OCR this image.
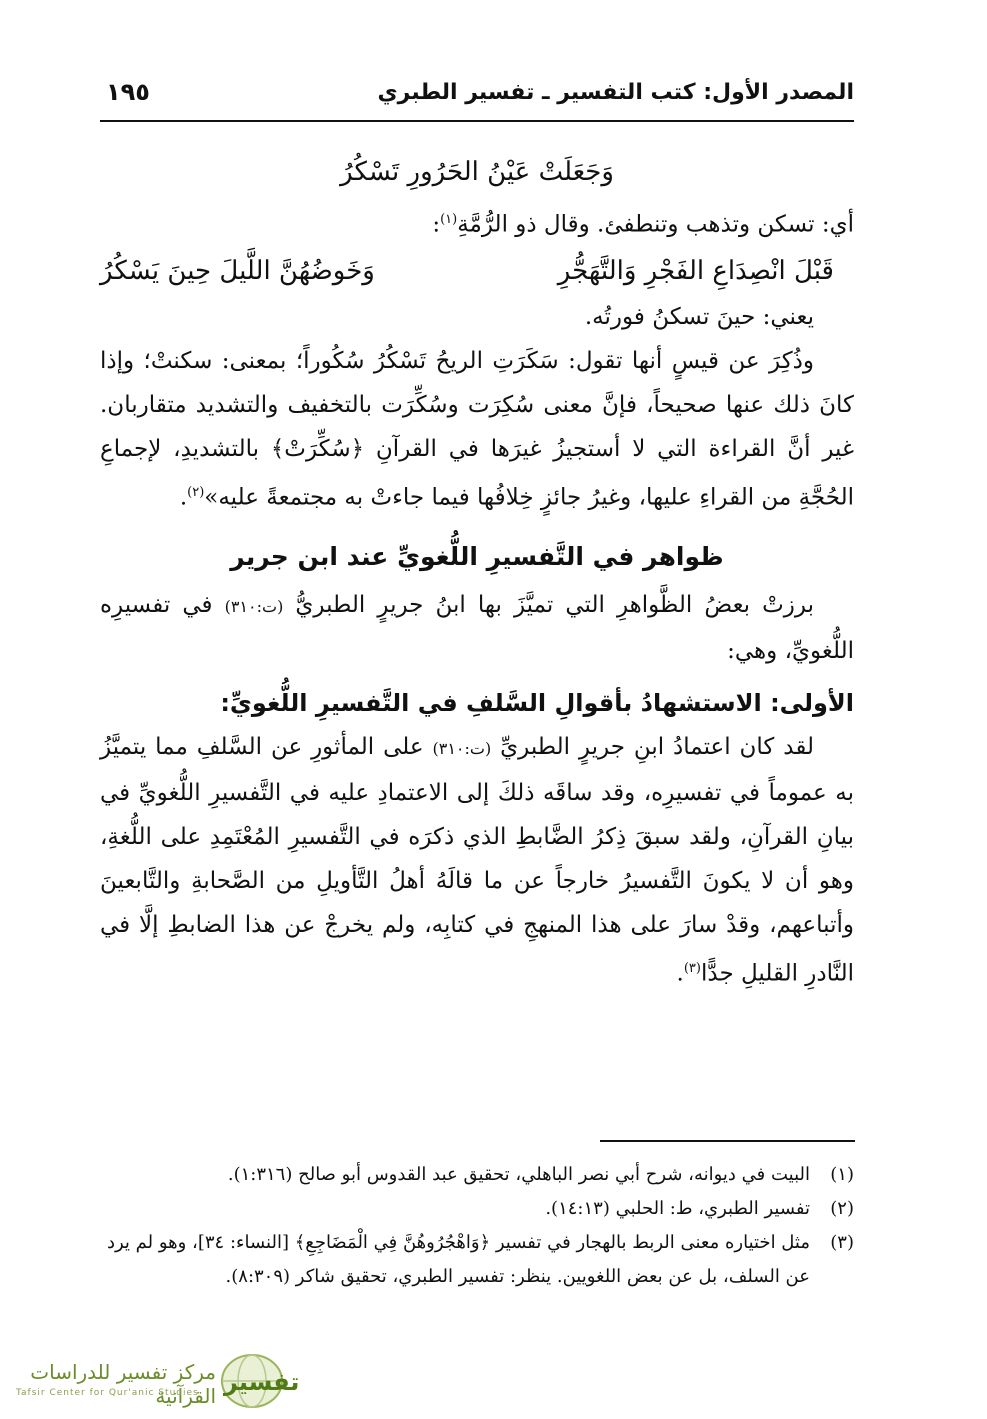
المصدر الأول: كتب التفسير ـ تفسير الطبري
١٩٥
وَجَعَلَتْ عَيْنُ الحَرُورِ تَسْكُرُ

أي: تسكن وتذهب وتنطفئ. وقال ذو الرُّمَّةِ$^{(١)}$:

قَبْلَ انْصِدَاعِ الفَجْرِ وَالتَّهَجُّرِ
وَخَوضُهُنَّ اللَّيلَ حِينَ يَسْكُرُ

يعني: حينَ تسكنُ فورتُه.

وذُكِرَ عن قيسٍ أنها تقول: سَكَرَتِ الريحُ تَسْكُرُ سُكُوراً؛ بمعنى: سكنتْ؛ وإذا كانَ ذلك عنها صحيحاً، فإنَّ معنى سُكِرَت وسُكِّرَت بالتخفيف والتشديد متقاربان. غير أنَّ القراءة التي لا أستجيزُ غيرَها في القرآنِ ﴿سُكِّرَتْ﴾ بالتشديدِ، لإجماعِ الحُجَّةِ من القراءِ عليها، وغيرُ جائزٍ خِلافُها فيما جاءتْ به مجتمعةً عليه»$^{(٢)}$.

ظواهر في التَّفسيرِ اللُّغويِّ عند ابن جرير

برزتْ بعضُ الظَّواهرِ التي تميَّزَ بها ابنُ جريرٍ الطبريُّ (ت:٣١٠) في تفسيرِه اللُّغويِّ، وهي:

الأولى: الاستشهادُ بأقوالِ السَّلفِ في التَّفسيرِ اللُّغويِّ:

لقد كان اعتمادُ ابنِ جريرٍ الطبريِّ (ت:٣١٠) على المأثورِ عن السَّلفِ مما يتميَّزُ به عموماً في تفسيرِه، وقد ساقَه ذلكَ إلى الاعتمادِ عليه في التَّفسيرِ اللُّغويِّ في بيانِ القرآنِ، ولقد سبقَ ذِكرُ الضَّابطِ الذي ذكرَه في التَّفسيرِ المُعْتَمِدِ على اللُّغةِ، وهو أن لا يكونَ التَّفسيرُ خارجاً عن ما قالَهُ أهلُ التَّأويلِ من الصَّحابةِ والتَّابعينَ وأتباعهم، وقدْ سارَ على هذا المنهجِ في كتابِه، ولم يخرجْ عن هذا الضابطِ إلَّا في النَّادرِ القليلِ جدًّا$^{(٣)}$.

(١)
البيت في ديوانه، شرح أبي نصر الباهلي، تحقيق عبد القدوس أبو صالح (١:٣١٦).
(٢)
تفسير الطبري، ط: الحلبي (١٤:١٣).
(٣)
مثل اختياره معنى الربط بالهجار في تفسير ﴿وَاهْجُرُوهُنَّ فِي الْمَضَاجِعِ﴾ [النساء: ٣٤]، وهو لم يرد عن السلف، بل عن بعض اللغويين. ينظر: تفسير الطبري، تحقيق شاكر (٨:٣٠٩).
مركز تفسير للدراسات القرآنية
Tafsir Center for Qur'anic Studies تفسير
